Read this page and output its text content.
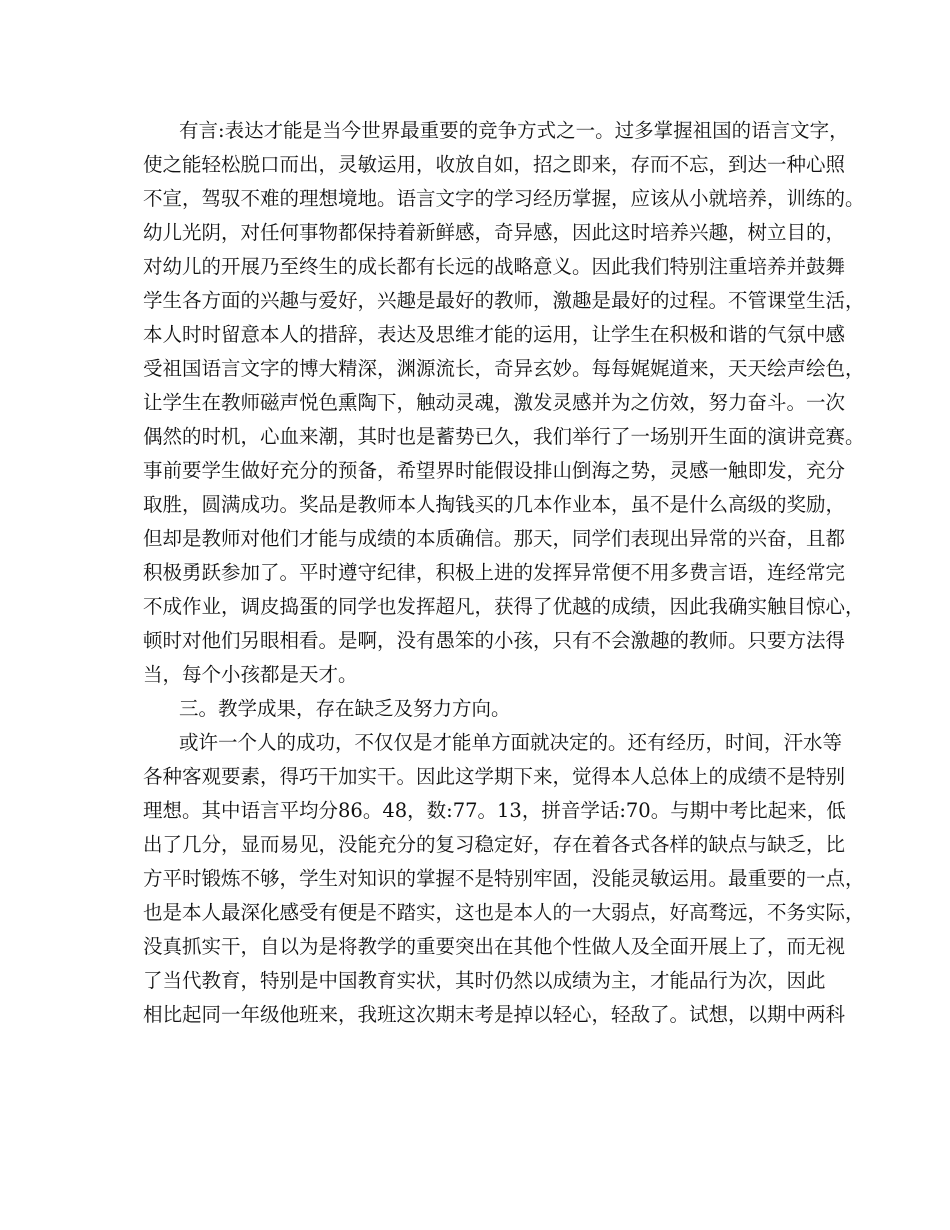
有言:表达才能是当今世界最重要的竞争方式之一。过多掌握祖国的语言文字，
使之能轻松脱口而出，灵敏运用，收放自如，招之即来，存而不忘，到达一种心照
不宣，驾驭不难的理想境地。语言文字的学习经历掌握，应该从小就培养，训练的。
幼儿光阴，对任何事物都保持着新鲜感，奇异感，因此这时培养兴趣，树立目的，
对幼儿的开展乃至终生的成长都有长远的战略意义。因此我们特别注重培养并鼓舞
学生各方面的兴趣与爱好，兴趣是最好的教师，激趣是最好的过程。不管课堂生活，
本人时时留意本人的措辞，表达及思维才能的运用，让学生在积极和谐的气氛中感
受祖国语言文字的博大精深，渊源流长，奇异玄妙。每每娓娓道来，天天绘声绘色，
让学生在教师磁声悦色熏陶下，触动灵魂，激发灵感并为之仿效，努力奋斗。一次
偶然的时机，心血来潮，其时也是蓄势已久，我们举行了一场别开生面的演讲竞赛。
事前要学生做好充分的预备，希望界时能假设排山倒海之势，灵感一触即发，充分
取胜，圆满成功。奖品是教师本人掏钱买的几本作业本，虽不是什么高级的奖励，
但却是教师对他们才能与成绩的本质确信。那天，同学们表现出异常的兴奋，且都
积极勇跃参加了。平时遵守纪律，积极上进的发挥异常便不用多费言语，连经常完
不成作业，调皮捣蛋的同学也发挥超凡，获得了优越的成绩，因此我确实触目惊心，
顿时对他们另眼相看。是啊，没有愚笨的小孩，只有不会激趣的教师。只要方法得
当，每个小孩都是天才。
三。教学成果，存在缺乏及努力方向。
或许一个人的成功，不仅仅是才能单方面就决定的。还有经历，时间，汗水等
各种客观要素，得巧干加实干。因此这学期下来，觉得本人总体上的成绩不是特别
理想。其中语言平均分86。48，数:77。13，拼音学话:70。与期中考比起来，低
出了几分，显而易见，没能充分的复习稳定好，存在着各式各样的缺点与缺乏，比
方平时锻炼不够，学生对知识的掌握不是特别牢固，没能灵敏运用。最重要的一点，
也是本人最深化感受有便是不踏实，这也是本人的一大弱点，好高骛远，不务实际，
没真抓实干，自以为是将教学的重要突出在其他个性做人及全面开展上了，而无视
了当代教育，特别是中国教育实状，其时仍然以成绩为主，才能品行为次，因此
相比起同一年级他班来，我班这次期末考是掉以轻心，轻敌了。试想，以期中两科
